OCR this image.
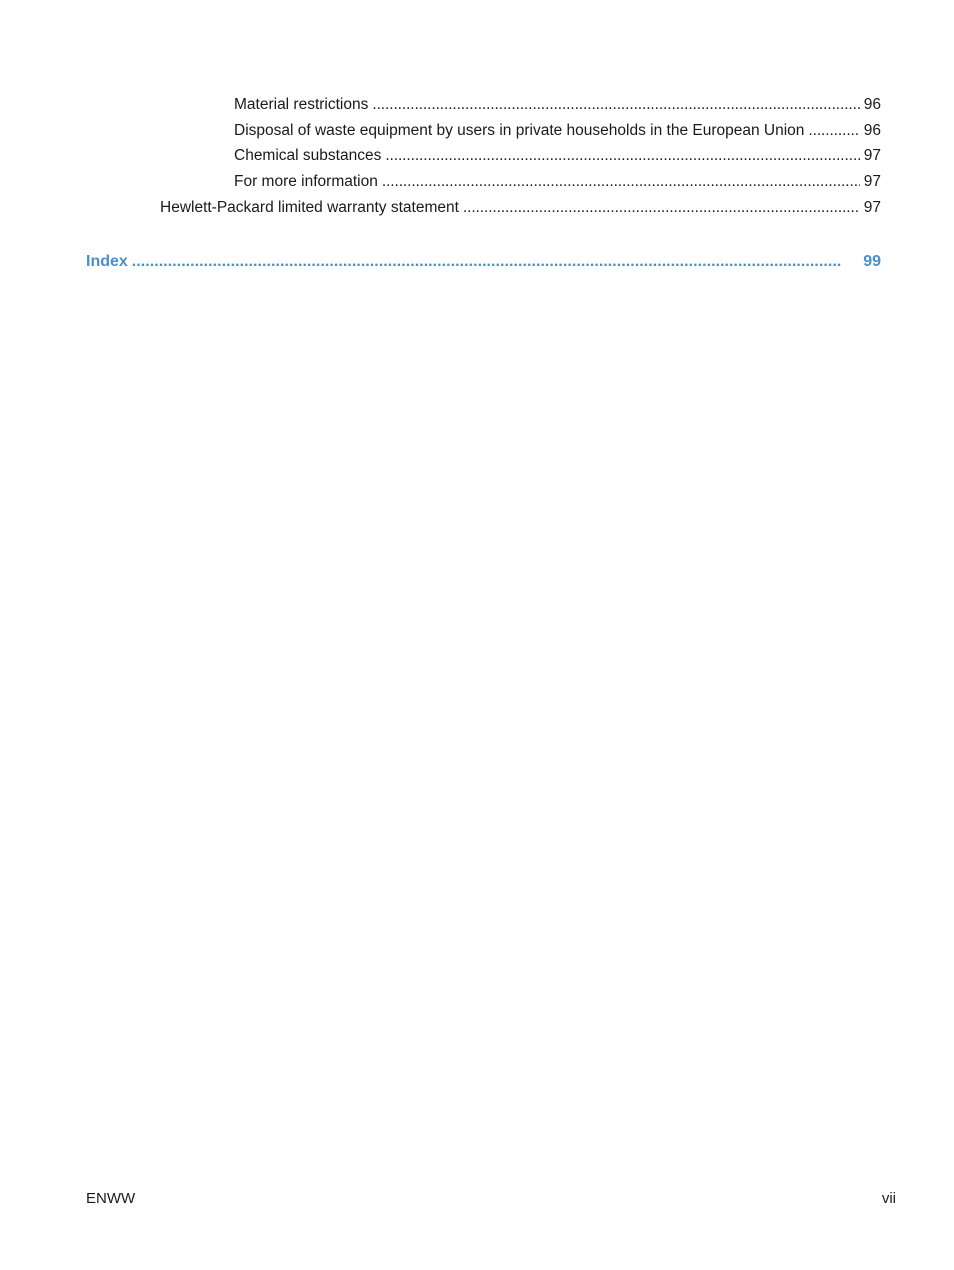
Material restrictions . . .	96
Disposal of waste equipment by users in private households in the European Union . . .	96
Chemical substances . . .	97
For more information . . .	97
Hewlett-Packard limited warranty statement . . .	97
Index . . .	99
ENWW	vii
